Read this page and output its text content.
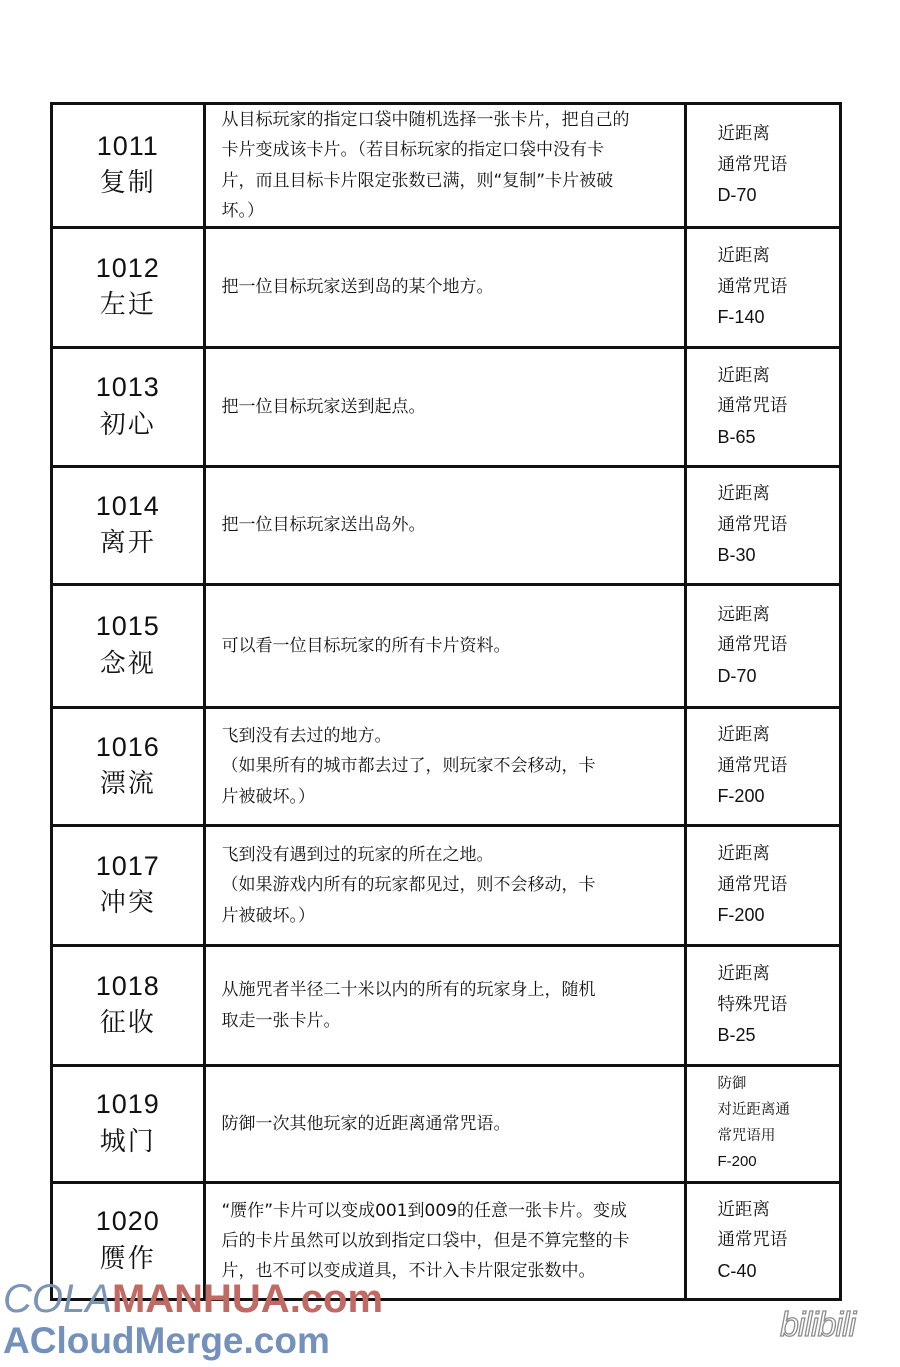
1011
复制	从目标玩家的指定口袋中随机选择一张卡片，把自己的
卡片变成该卡片。（若目标玩家的指定口袋中没有卡
片，而且目标卡片限定张数已满，则“复制”卡片被破
坏。）	近距离
通常咒语
D-70

1012
左迁	把一位目标玩家送到岛的某个地方。	近距离
通常咒语
F-140

1013
初心	把一位目标玩家送到起点。	近距离
通常咒语
B-65

1014
离开	把一位目标玩家送出岛外。	近距离
通常咒语
B-30

1015
念视	可以看一位目标玩家的所有卡片资料。	远距离
通常咒语
D-70

1016
漂流	飞到没有去过的地方。
（如果所有的城市都去过了，则玩家不会移动，卡
片被破坏。）	近距离
通常咒语
F-200

1017
冲突	飞到没有遇到过的玩家的所在之地。
（如果游戏内所有的玩家都见过，则不会移动，卡
片被破坏。）	近距离
通常咒语
F-200

1018
征收	从施咒者半径二十米以内的所有的玩家身上，随机
取走一张卡片。	近距离
特殊咒语
B-25

1019
城门	防御一次其他玩家的近距离通常咒语。	防御
对近距离通
常咒语用
F-200

1020
赝作	“赝作”卡片可以变成001到009的任意一张卡片。变成
后的卡片虽然可以放到指定口袋中，但是不算完整的卡
片，也不可以变成道具，不计入卡片限定张数中。	近距离
通常咒语
C-40
COLAMANHUA.com
ACloudMerge.com	bilibili
